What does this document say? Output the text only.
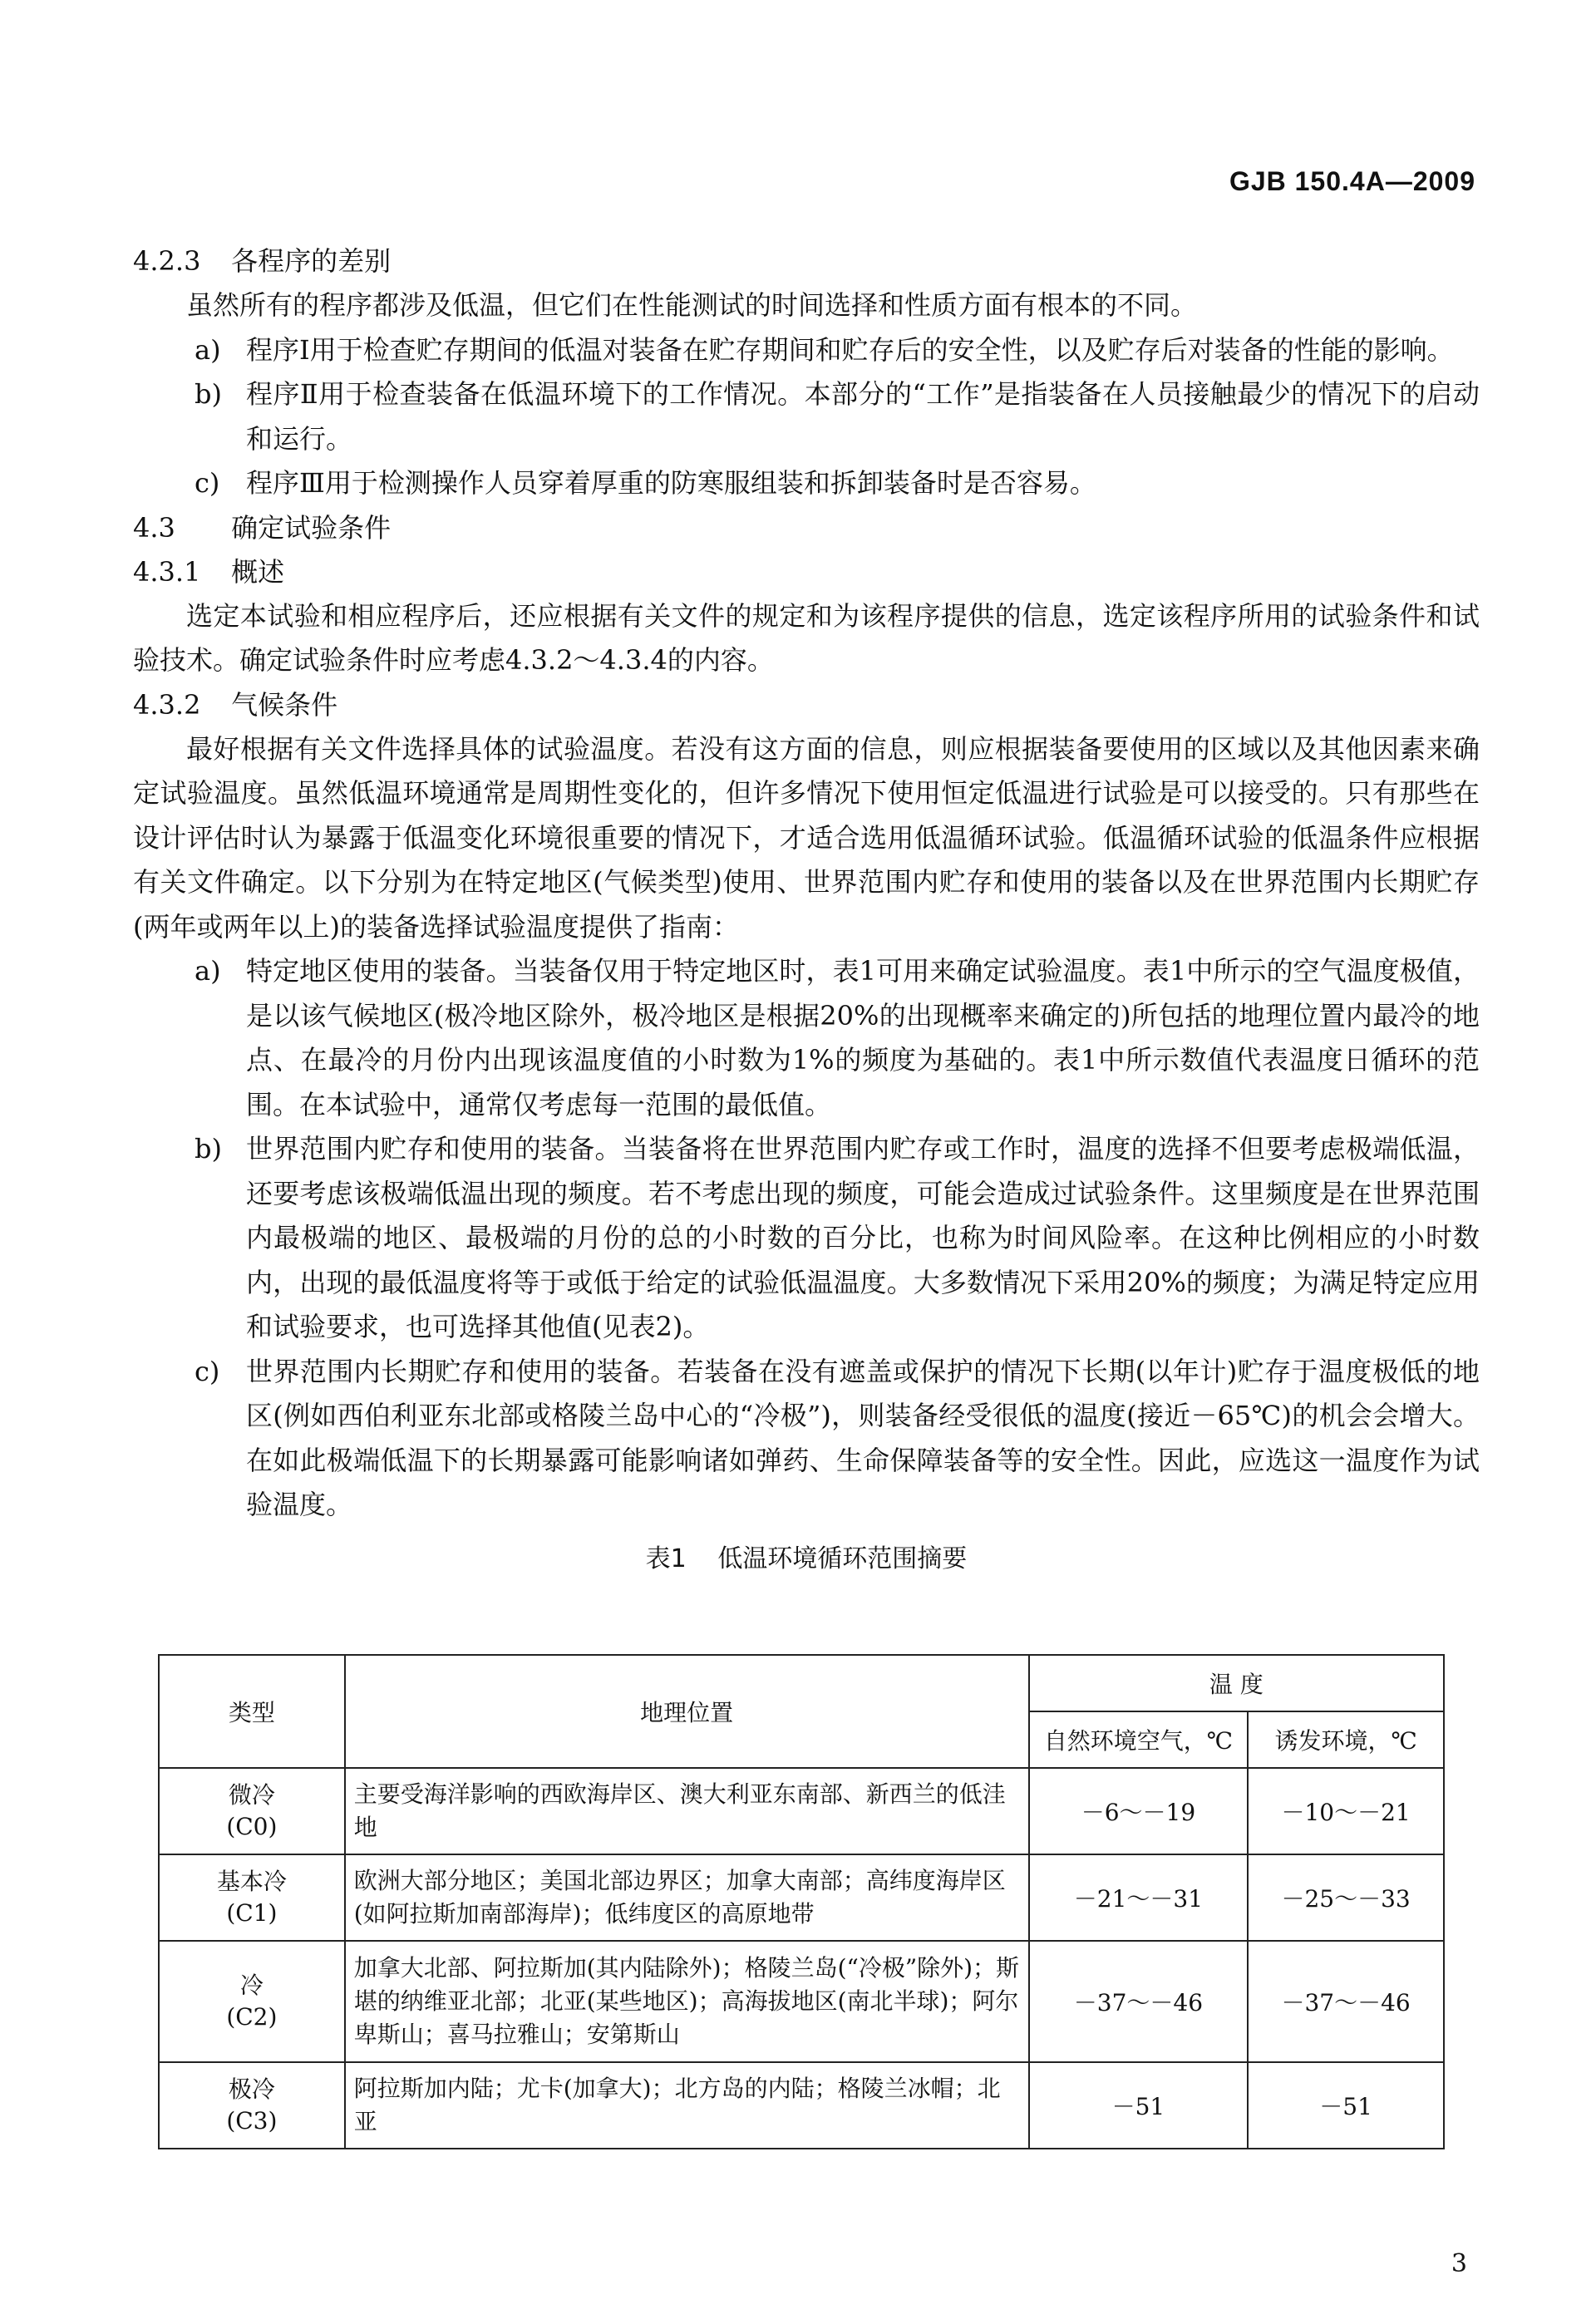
GJB 150.4A—2009
4.2.3 各程序的差别

虽然所有的程序都涉及低温，但它们在性能测试的时间选择和性质方面有根本的不同。

a) 程序Ⅰ用于检查贮存期间的低温对装备在贮存期间和贮存后的安全性，以及贮存后对装备的性能的影响。
b) 程序Ⅱ用于检查装备在低温环境下的工作情况。本部分的“工作”是指装备在人员接触最少的情况下的启动和运行。
c) 程序Ⅲ用于检测操作人员穿着厚重的防寒服组装和拆卸装备时是否容易。
4.3 确定试验条件
4.3.1 概述

选定本试验和相应程序后，还应根据有关文件的规定和为该程序提供的信息，选定该程序所用的试验条件和试验技术。确定试验条件时应考虑4.3.2～4.3.4的内容。

4.3.2 气候条件

最好根据有关文件选择具体的试验温度。若没有这方面的信息，则应根据装备要使用的区域以及其他因素来确定试验温度。虽然低温环境通常是周期性变化的，但许多情况下使用恒定低温进行试验是可以接受的。只有那些在设计评估时认为暴露于低温变化环境很重要的情况下，才适合选用低温循环试验。低温循环试验的低温条件应根据有关文件确定。以下分别为在特定地区(气候类型)使用、世界范围内贮存和使用的装备以及在世界范围内长期贮存(两年或两年以上)的装备选择试验温度提供了指南：

a) 特定地区使用的装备。当装备仅用于特定地区时，表1可用来确定试验温度。表1中所示的空气温度极值，是以该气候地区(极冷地区除外，极冷地区是根据20%的出现概率来确定的)所包括的地理位置内最冷的地点、在最冷的月份内出现该温度值的小时数为1%的频度为基础的。表1中所示数值代表温度日循环的范围。在本试验中，通常仅考虑每一范围的最低值。
b) 世界范围内贮存和使用的装备。当装备将在世界范围内贮存或工作时，温度的选择不但要考虑极端低温，还要考虑该极端低温出现的频度。若不考虑出现的频度，可能会造成过试验条件。这里频度是在世界范围内最极端的地区、最极端的月份的总的小时数的百分比，也称为时间风险率。在这种比例相应的小时数内，出现的最低温度将等于或低于给定的试验低温温度。大多数情况下采用20%的频度；为满足特定应用和试验要求，也可选择其他值(见表2)。
c) 世界范围内长期贮存和使用的装备。若装备在没有遮盖或保护的情况下长期(以年计)贮存于温度极低的地区(例如西伯利亚东北部或格陵兰岛中心的“冷极”)，则装备经受很低的温度(接近－65℃)的机会会增大。在如此极端低温下的长期暴露可能影响诸如弹药、生命保障装备等的安全性。因此，应选这一温度作为试验温度。
表1 低温环境循环范围摘要
类型	地理位置	温 度	
		自然环境空气，℃	诱发环境，℃

微冷
(C0)	主要受海洋影响的西欧海岸区、澳大利亚东南部、新西兰的低洼地	－6～－19	－10～－21

基本冷
(C1)	欧洲大部分地区；美国北部边界区；加拿大南部；高纬度海岸区(如阿拉斯加南部海岸)；低纬度区的高原地带	－21～－31	－25～－33

冷
(C2)	加拿大北部、阿拉斯加(其内陆除外)；格陵兰岛(“冷极”除外)；斯堪的纳维亚北部；北亚(某些地区)；高海拔地区(南北半球)；阿尔卑斯山；喜马拉雅山；安第斯山	－37～－46	－37～－46

极冷
(C3)	阿拉斯加内陆；尤卡(加拿大)；北方岛的内陆；格陵兰冰帽；北亚	－51	－51
3
